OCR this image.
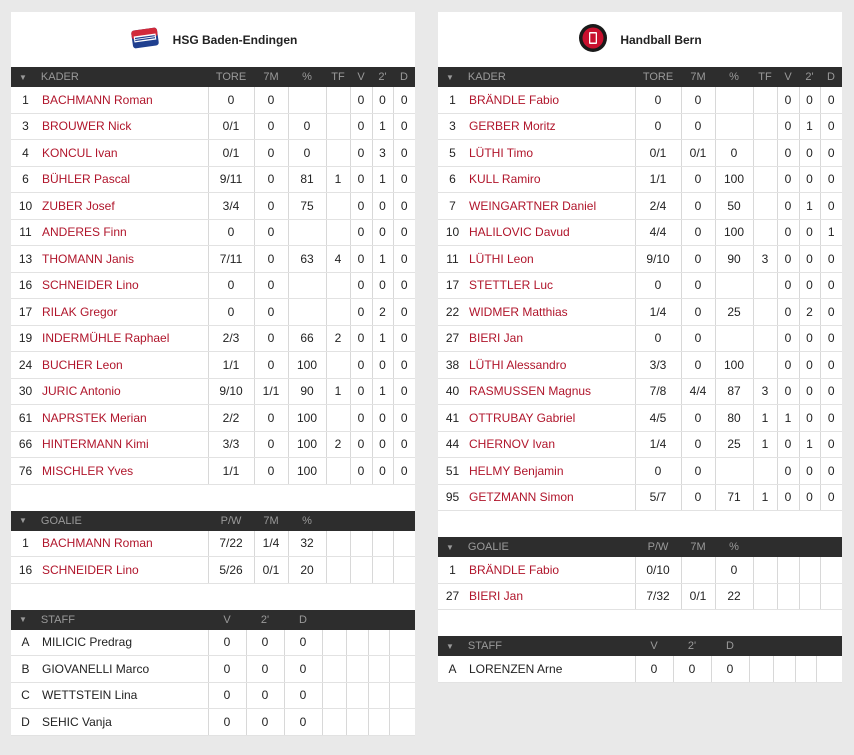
HSG Baden-Endingen
▼ KADER		TORE	7M	%	TF	V	2'	D
1	BACHMANN Roman	0	0			0	0	0
3	BROUWER Nick	0/1	0	0		0	1	0
4	KONCUL Ivan	0/1	0	0		0	3	0
6	BÜHLER Pascal	9/11	0	81	1	0	1	0
10	ZUBER Josef	3/4	0	75		0	0	0
11	ANDERES Finn	0	0			0	0	0
13	THOMANN Janis	7/11	0	63	4	0	1	0
16	SCHNEIDER Lino	0	0			0	0	0
17	RILAK Gregor	0	0			0	2	0
19	INDERMÜHLE Raphael	2/3	0	66	2	0	1	0
24	BUCHER Leon	1/1	0	100		0	0	0
30	JURIC Antonio	9/10	1/1	90	1	0	1	0
61	NAPRSTEK Merian	2/2	0	100		0	0	0
66	HINTERMANN Kimi	3/3	0	100	2	0	0	0
76	MISCHLER Yves	1/1	0	100		0	0	0
▼ GOALIE		P/W	7M	%				
1	BACHMANN Roman	7/22	1/4	32				
16	SCHNEIDER Lino	5/26	0/1	20				
▼ STAFF		V	2'	D				
A	MILICIC Predrag	0	0	0				
B	GIOVANELLI Marco	0	0	0				
C	WETTSTEIN Lina	0	0	0				
D	SEHIC Vanja	0	0	0				
Handball Bern
▼ KADER		TORE	7M	%	TF	V	2'	D
1	BRÄNDLE Fabio	0	0			0	0	0
3	GERBER Moritz	0	0			0	1	0
5	LÜTHI Timo	0/1	0/1	0		0	0	0
6	KULL Ramiro	1/1	0	100		0	0	0
7	WEINGARTNER Daniel	2/4	0	50		0	1	0
10	HALILOVIC Davud	4/4	0	100		0	0	1
11	LÜTHI Leon	9/10	0	90	3	0	0	0
17	STETTLER Luc	0	0			0	0	0
22	WIDMER Matthias	1/4	0	25		0	2	0
27	BIERI Jan	0	0			0	0	0
38	LÜTHI Alessandro	3/3	0	100		0	0	0
40	RASMUSSEN Magnus	7/8	4/4	87	3	0	0	0
41	OTTRUBAY Gabriel	4/5	0	80	1	1	0	0
44	CHERNOV Ivan	1/4	0	25	1	0	1	0
51	HELMY Benjamin	0	0			0	0	0
95	GETZMANN Simon	5/7	0	71	1	0	0	0
▼ GOALIE		P/W	7M	%				
1	BRÄNDLE Fabio	0/10		0				
27	BIERI Jan	7/32	0/1	22				
▼ STAFF		V	2'	D				
A	LORENZEN Arne	0	0	0				
